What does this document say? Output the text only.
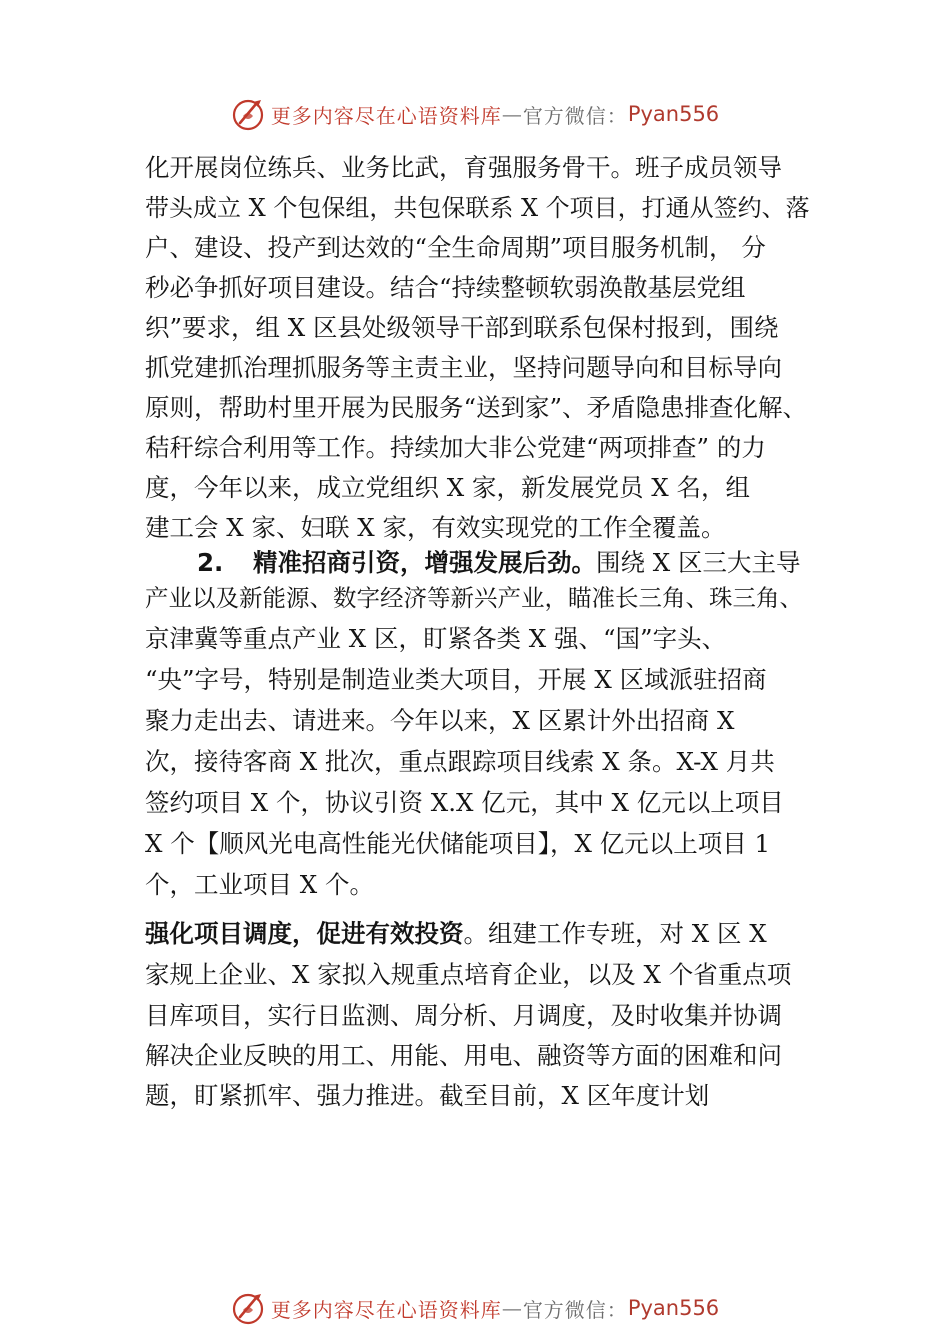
更多内容尽在心语资料库 — 官方微信： Pyan556
化开展岗位练兵、业务比武，育强服务骨干。班子成员领导
带头成立 X 个包保组，共包保联系 X 个项目，打通从签约、落
户、建设、投产到达效的“全生命周期”项目服务机制， 分
秒必争抓好项目建设。结合“持续整顿软弱涣散基层党组
织”要求，组 X 区县处级领导干部到联系包保村报到，围绕
抓党建抓治理抓服务等主责主业，坚持问题导向和目标导向
原则，帮助村里开展为民服务“送到家”、矛盾隐患排查化解、
秸秆综合利用等工作。持续加大非公党建“两项排查” 的力
度，今年以来，成立党组织 X 家，新发展党员 X 名，组
建工会 X 家、妇联 X 家，有效实现党的工作全覆盖。
2. 精准招商引资，增强发展后劲。围绕 X 区三大主导
产业以及新能源、数字经济等新兴产业，瞄准长三角、珠三角、
京津冀等重点产业 X 区，盯紧各类 X 强、“国”字头、
“央”字号，特别是制造业类大项目，开展 X 区域派驻招商
聚力走出去、请进来。今年以来，X 区累计外出招商 X
次，接待客商 X 批次，重点跟踪项目线索 X 条。X-X 月共
签约项目 X 个，协议引资 X.X 亿元，其中 X 亿元以上项目
X 个【顺风光电高性能光伏储能项目】，X 亿元以上项目 1
个，工业项目 X 个。
强化项目调度，促进有效投资。组建工作专班，对 X 区 X
家规上企业、X 家拟入规重点培育企业，以及 X 个省重点项
目库项目，实行日监测、周分析、月调度，及时收集并协调
解决企业反映的用工、用能、用电、融资等方面的困难和问
题，盯紧抓牢、强力推进。截至目前，X 区年度计划
更多内容尽在心语资料库 — 官方微信： Pyan556
